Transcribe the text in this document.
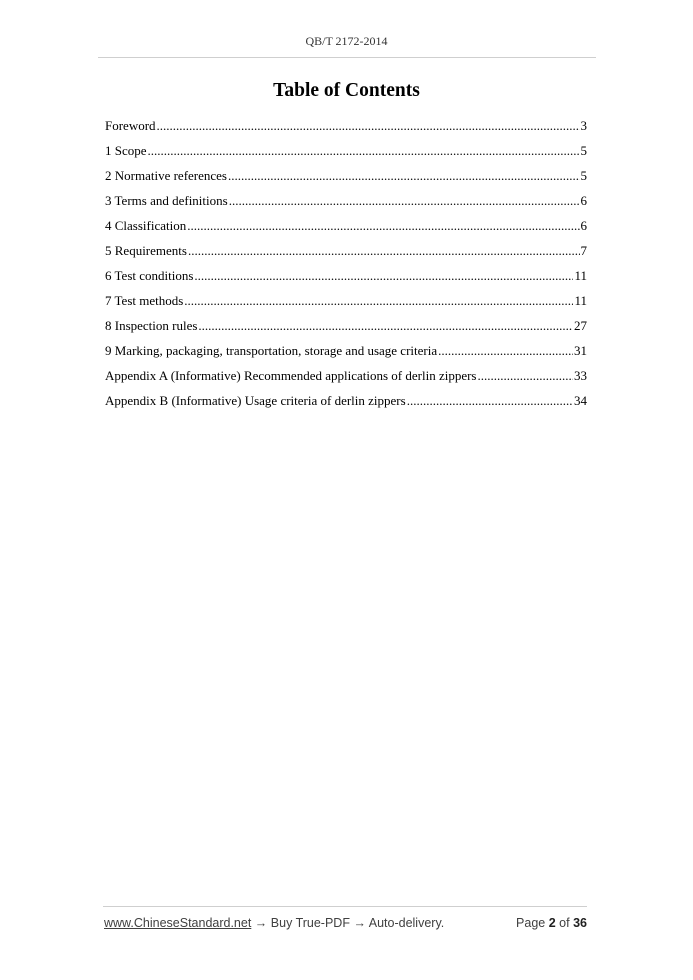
QB/T 2172-2014
Table of Contents
Foreword .....	3
1 Scope .....	5
2 Normative references .....	5
3 Terms and definitions .....	6
4 Classification .....	6
5 Requirements .....	7
6 Test conditions .....	11
7 Test methods .....	11
8 Inspection rules .....	27
9 Marking, packaging, transportation, storage and usage criteria .....	31
Appendix A (Informative) Recommended applications of derlin zippers .....	33
Appendix B (Informative) Usage criteria of derlin zippers .....	34
www.ChineseStandard.net → Buy True-PDF → Auto-delivery.	Page 2 of 36
